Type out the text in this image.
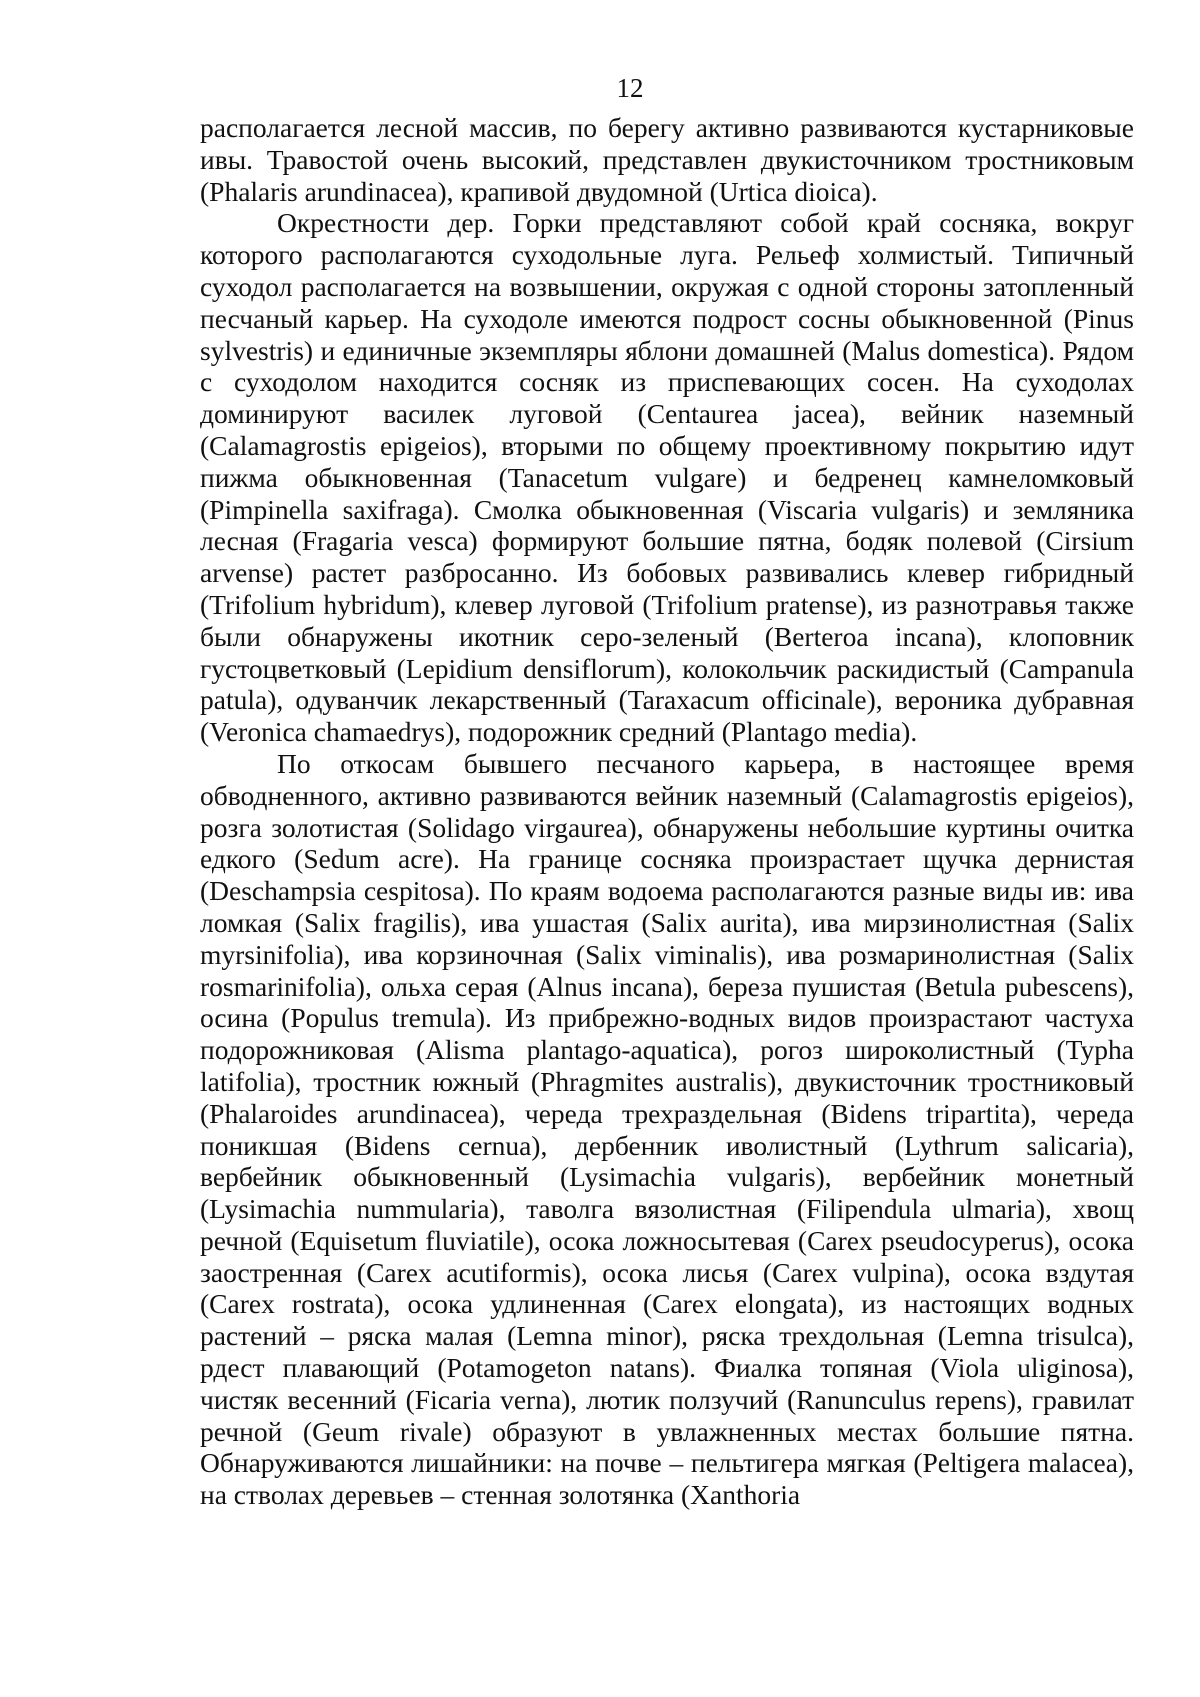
12

располагается лесной массив, по берегу активно развиваются кустарниковые ивы. Травостой очень высокий, представлен двукисточником тростниковым (Phalaris arundinacea), крапивой двудомной (Urtica dioica).

Окрестности дер. Горки представляют собой край сосняка, вокруг которого располагаются суходольные луга. Рельеф холмистый. Типичный суходол располагается на возвышении, окружая с одной стороны затопленный песчаный карьер. На суходоле имеются подрост сосны обыкновенной (Pinus sylvestris) и единичные экземпляры яблони домашней (Malus domestica). Рядом с суходолом находится сосняк из приспевающих сосен. На суходолах доминируют василек луговой (Centaurea jacea), вейник наземный (Calamagrostis epigeios), вторыми по общему проективному покрытию идут пижма обыкновенная (Tanacetum vulgare) и бедренец камнеломковый (Pimpinella saxifraga). Смолка обыкновенная (Viscaria vulgaris) и земляника лесная (Fragaria vesca) формируют большие пятна, бодяк полевой (Cirsium arvense) растет разбросанно. Из бобовых развивались клевер гибридный (Trifolium hybridum), клевер луговой (Trifolium pratense), из разнотравья также были обнаружены икотник серо-зеленый (Berteroa incana), клоповник густоцветковый (Lepidium densiflorum), колокольчик раскидистый (Campanula patula), одуванчик лекарственный (Taraxacum officinale), вероника дубравная (Veronica chamaedrys), подорожник средний (Plantago media).

По откосам бывшего песчаного карьера, в настоящее время обводненного, активно развиваются вейник наземный (Calamagrostis epigeios), розга золотистая (Solidago virgaurea), обнаружены небольшие куртины очитка едкого (Sedum acre). На границе сосняка произрастает щучка дернистая (Deschampsia cespitosa). По краям водоема располагаются разные виды ив: ива ломкая (Salix fragilis), ива ушастая (Salix aurita), ива мирзинолистная (Salix myrsinifolia), ива корзиночная (Salix viminalis), ива розмаринолистная (Salix rosmarinifolia), ольха серая (Alnus incana), береза пушистая (Betula pubescens), осина (Populus tremula). Из прибрежно-водных видов произрастают частуха подорожниковая (Alisma plantago-aquatica), рогоз широколистный (Typha latifolia), тростник южный (Phragmites australis), двукисточник тростниковый (Phalaroides arundinacea), череда трехраздельная (Bidens tripartita), череда поникшая (Bidens cernua), дербенник иволистный (Lythrum salicaria), вербейник обыкновенный (Lysimachia vulgaris), вербейник монетный (Lysimachia nummularia), таволга вязолистная (Filipendula ulmaria), хвощ речной (Equisetum fluviatile), осока ложносытевая (Carex pseudocyperus), осока заостренная (Carex acutiformis), осока лисья (Carex vulpina), осока вздутая (Carex rostrata), осока удлиненная (Carex elongata), из настоящих водных растений – ряска малая (Lemna minor), ряска трехдольная (Lemna trisulca), рдест плавающий (Potamogeton natans). Фиалка топяная (Viola uliginosa), чистяк весенний (Ficaria verna), лютик ползучий (Ranunculus repens), гравилат речной (Geum rivale) образуют в увлажненных местах большие пятна. Обнаруживаются лишайники: на почве – пельтигера мягкая (Peltigera malacea), на стволах деревьев – стенная золотянка (Xanthoria
